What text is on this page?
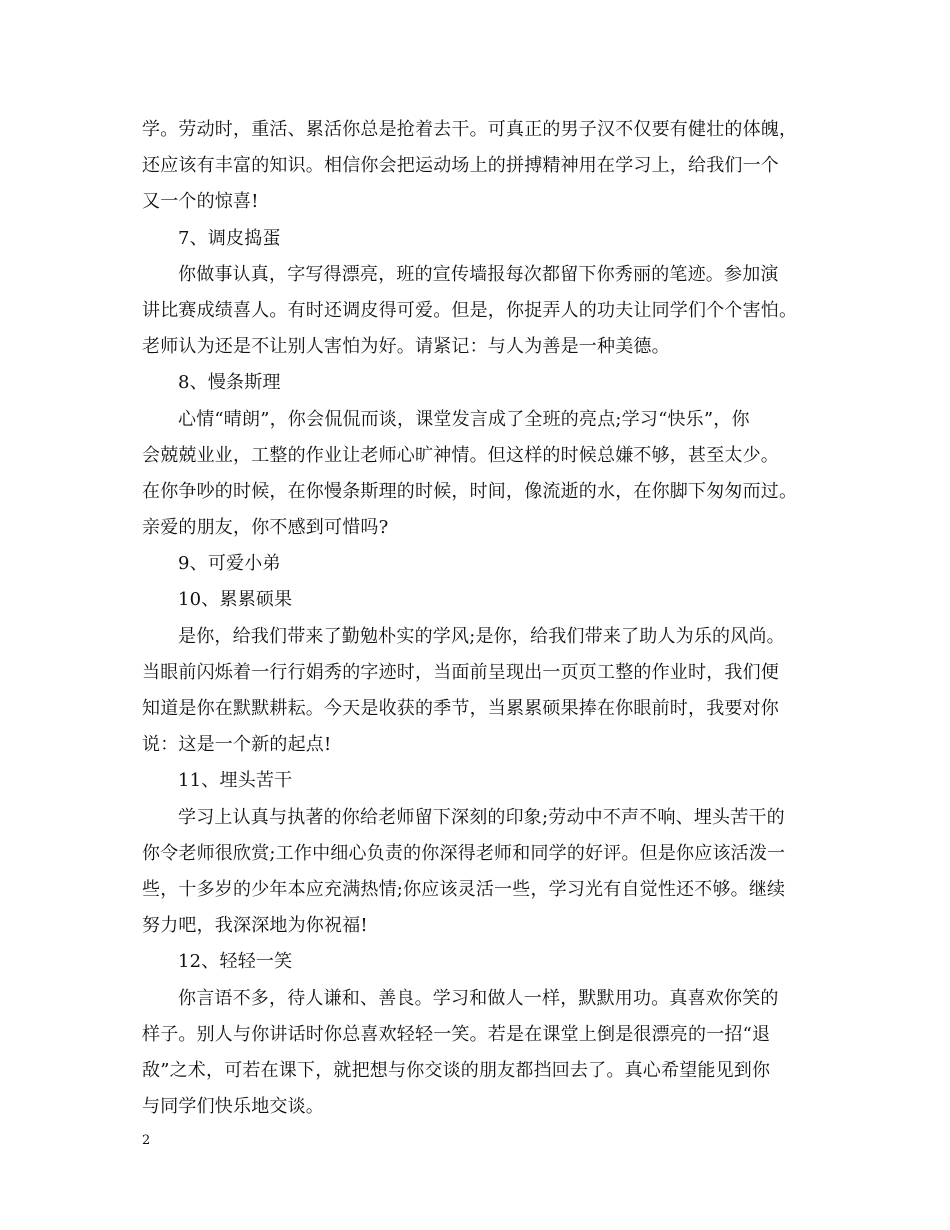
学。劳动时，重活、累活你总是抢着去干。可真正的男子汉不仅要有健壮的体魄，
还应该有丰富的知识。相信你会把运动场上的拼搏精神用在学习上，给我们一个
又一个的惊喜!
7、调皮捣蛋
你做事认真，字写得漂亮，班的宣传墙报每次都留下你秀丽的笔迹。参加演
讲比赛成绩喜人。有时还调皮得可爱。但是，你捉弄人的功夫让同学们个个害怕。
老师认为还是不让别人害怕为好。请紧记：与人为善是一种美德。
8、慢条斯理
心情“晴朗”，你会侃侃而谈，课堂发言成了全班的亮点;学习“快乐”，你
会兢兢业业，工整的作业让老师心旷神情。但这样的时候总嫌不够，甚至太少。
在你争吵的时候，在你慢条斯理的时候，时间，像流逝的水，在你脚下匆匆而过。
亲爱的朋友，你不感到可惜吗?
9、可爱小弟
10、累累硕果
是你，给我们带来了勤勉朴实的学风;是你，给我们带来了助人为乐的风尚。
当眼前闪烁着一行行娟秀的字迹时，当面前呈现出一页页工整的作业时，我们便
知道是你在默默耕耘。今天是收获的季节，当累累硕果捧在你眼前时，我要对你
说：这是一个新的起点!
11、埋头苦干
学习上认真与执著的你给老师留下深刻的印象;劳动中不声不响、埋头苦干的
你令老师很欣赏;工作中细心负责的你深得老师和同学的好评。但是你应该活泼一
些，十多岁的少年本应充满热情;你应该灵活一些，学习光有自觉性还不够。继续
努力吧，我深深地为你祝福!
12、轻轻一笑
你言语不多，待人谦和、善良。学习和做人一样，默默用功。真喜欢你笑的
样子。别人与你讲话时你总喜欢轻轻一笑。若是在课堂上倒是很漂亮的一招“退
敌”之术，可若在课下，就把想与你交谈的朋友都挡回去了。真心希望能见到你
与同学们快乐地交谈。
2
